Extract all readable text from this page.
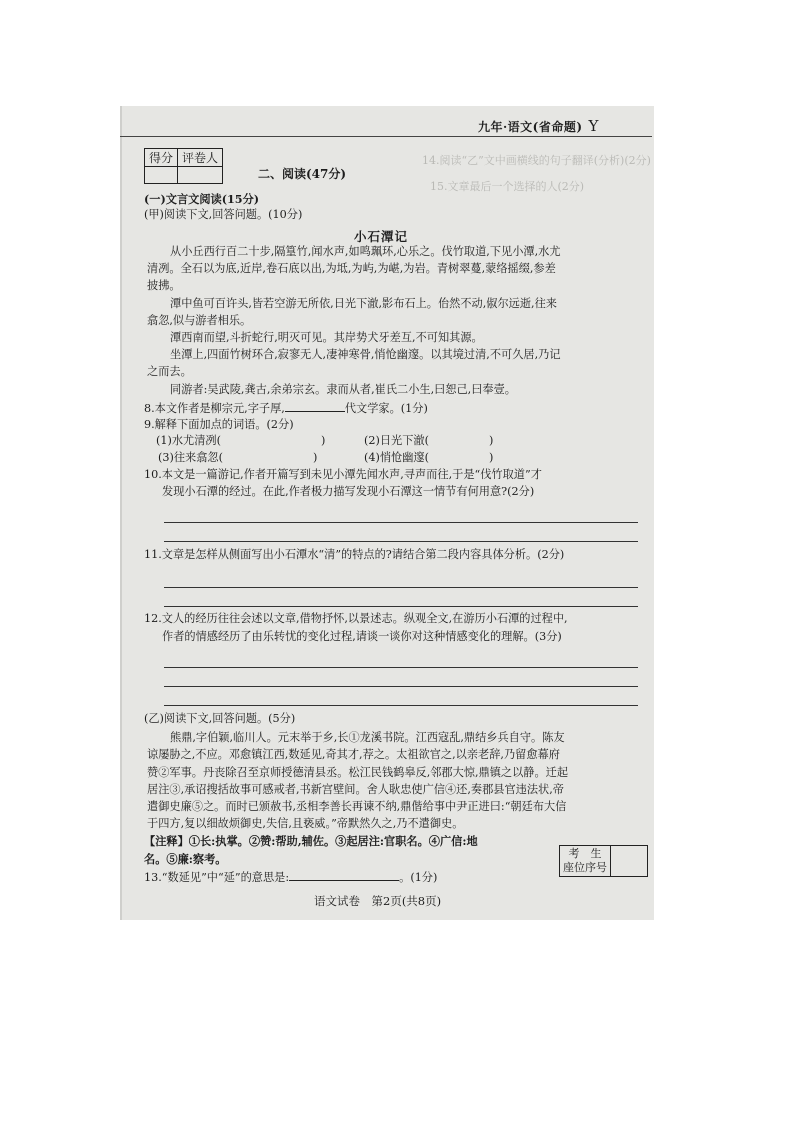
14.阅读“乙”文中画横线的句子翻译(分析)(2分)
15.文章最后一个选择的人(2分)
九年·语文(省命题) Y
得分	评卷人

二、阅读(47分)
(一)文言文阅读(15分)
(甲)阅读下文,回答问题。(10分)
小石潭记
从小丘西行百二十步,隔篁竹,闻水声,如鸣珮环,心乐之。伐竹取道,下见小潭,水尤
清冽。全石以为底,近岸,卷石底以出,为坻,为屿,为嵁,为岩。青树翠蔓,蒙络摇缀,参差
披拂。
潭中鱼可百许头,皆若空游无所依,日光下澈,影布石上。佁然不动,俶尔远逝,往来
翕忽,似与游者相乐。
潭西南而望,斗折蛇行,明灭可见。其岸势犬牙差互,不可知其源。
坐潭上,四面竹树环合,寂寥无人,凄神寒骨,悄怆幽邃。以其境过清,不可久居,乃记
之而去。
同游者:吴武陵,龚古,余弟宗玄。隶而从者,崔氏二小生,曰恕己,曰奉壹。
8.本文作者是柳宗元,字子厚,	代文学家。(1分)
9.解释下面加点的词语。(2分)
(1)水尤清冽(	)	(2)日光下澈(	)
(3)往来翕忽(	)	(4)悄怆幽邃(	)
10.本文是一篇游记,作者开篇写到未见小潭先闻水声,寻声而往,于是“伐竹取道”才
发现小石潭的经过。在此,作者极力描写发现小石潭这一情节有何用意?(2分)
11.文章是怎样从侧面写出小石潭水“清”的特点的?请结合第二段内容具体分析。(2分)
12.文人的经历往往会述以文章,借物抒怀,以景述志。纵观全文,在游历小石潭的过程中,
作者的情感经历了由乐转忧的变化过程,请谈一谈你对这种情感变化的理解。(3分)
(乙)阅读下文,回答问题。(5分)
熊鼎,字伯颖,临川人。元末举于乡,长①龙溪书院。江西寇乱,鼎结乡兵自守。陈友
谅屡胁之,不应。邓愈镇江西,数延见,奇其才,荐之。太祖欲官之,以亲老辞,乃留愈幕府
赞②军事。丹丧除召至京师授德清县丞。松江民钱鹤皋反,邻郡大惊,鼎镇之以静。迁起
居注③,承诏搜括故事可感戒者,书新宫壁间。舍人耿忠使广信④还,奏郡县官违法状,帝
遣御史廉⑤之。而时已颁赦书,丞相李善长再谏不纳,鼎偕给事中尹正进曰:“朝廷布大信
于四方,复以细故烦御史,失信,且亵威。”帝默然久之,乃不遣御史。
【注释】①长:执掌。②赞:帮助,辅佐。③起居注:官职名。④广信:地
名。⑤廉:察考。
13.“数延见”中“延”的意思是:	。(1分)
考　生
座位序号

语文试卷　第2页(共8页)
